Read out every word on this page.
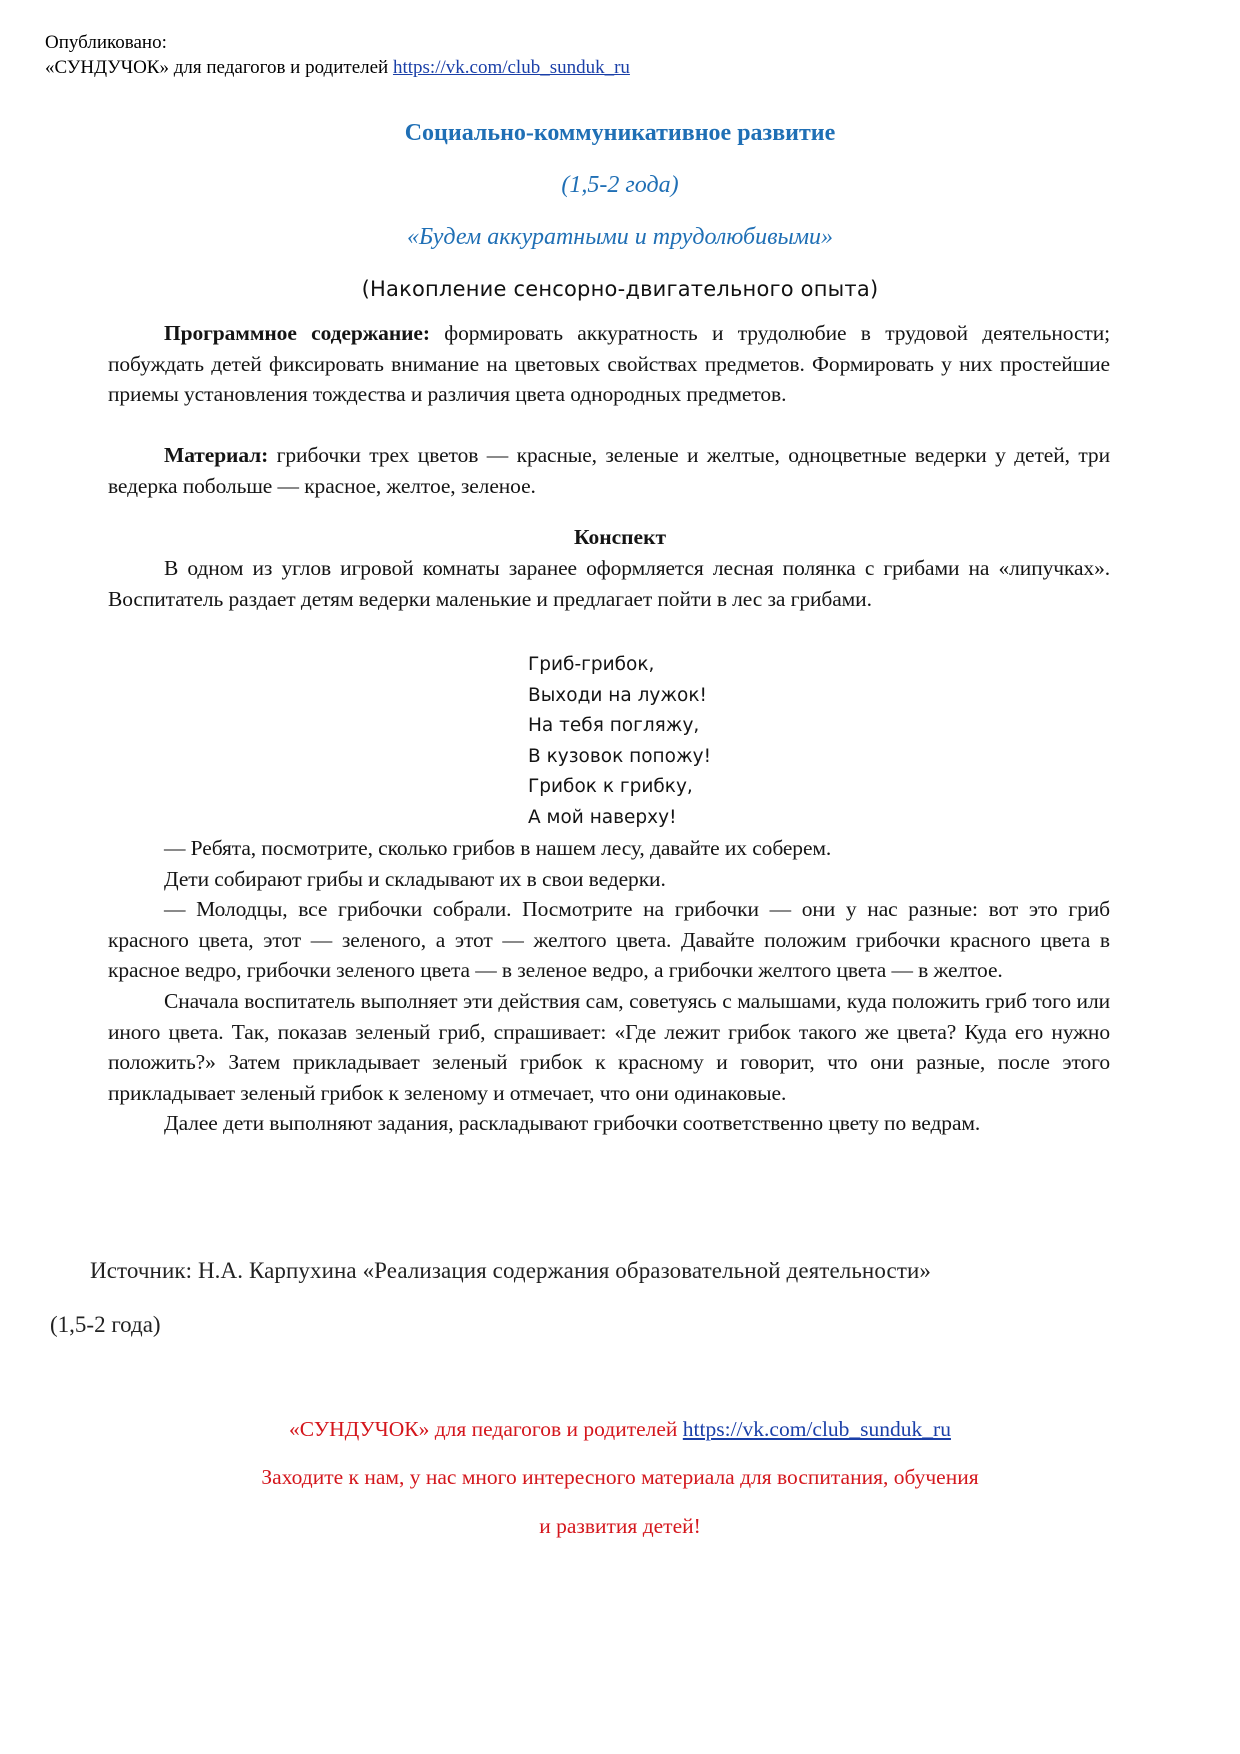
Опубликовано:
«СУНДУЧОК» для педагогов и родителей https://vk.com/club_sunduk_ru
Социально-коммуникативное развитие
(1,5-2 года)
«Будем аккуратными и трудолюбивыми»
(Накопление сенсорно-двигательного опыта)

Программное содержание: формировать аккуратность и трудолюбие в трудовой деятельности; побуждать детей фиксировать внимание на цветовых свойствах предметов. Формировать у них простейшие приемы установления тождества и различия цвета однородных предметов.

Материал: грибочки трех цветов — красные, зеленые и желтые, одноцветные ведерки у детей, три ведерка побольше — красное, желтое, зеленое.

Конспект

В одном из углов игровой комнаты заранее оформляется лесная полянка с грибами на «липучках». Воспитатель раздает детям ведерки маленькие и предлагает пойти в лес за грибами.

Гриб-грибок,
Выходи на лужок!
На тебя погляжу,
В кузовок попожу!
Грибок к грибку,
А мой наверху!

— Ребята, посмотрите, сколько грибов в нашем лесу, давайте их соберем.

Дети собирают грибы и складывают их в свои ведерки.

— Молодцы, все грибочки собрали. Посмотрите на грибочки — они у нас разные: вот это гриб красного цвета, этот — зеленого, а этот — желтого цвета. Давайте положим грибочки красного цвета в красное ведро, грибочки зеленого цвета — в зеленое ведро, а грибочки желтого цвета — в желтое.

Сначала воспитатель выполняет эти действия сам, советуясь с малышами, куда положить гриб того или иного цвета. Так, показав зеленый гриб, спрашивает: «Где лежит грибок такого же цвета? Куда его нужно положить?» Затем прикладывает зеленый грибок к красному и говорит, что они разные, после этого прикладывает зеленый грибок к зеленому и отмечает, что они одинаковые.

Далее дети выполняют задания, раскладывают грибочки соответственно цвету по ведрам.

Источник: Н.А. Карпухина «Реализация содержания образовательной деятельности»
(1,5-2 года)
«СУНДУЧОК» для педагогов и родителей https://vk.com/club_sunduk_ru
Заходите к нам, у нас много интересного материала для воспитания, обучения
и развития детей!
